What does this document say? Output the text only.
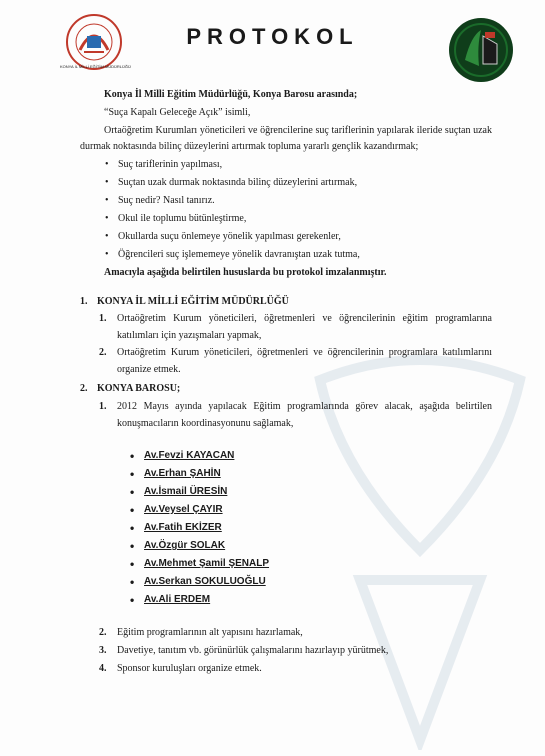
KONYA İL MİLLİ EĞİTİM MÜDÜRLÜĞÜ
PROTOKOL
Konya İl Milli Eğitim Müdürlüğü, Konya Barosu arasında;
“Suça Kapalı Geleceğe Açık” isimli,
Ortaöğretim Kurumları yöneticileri ve öğrencilerine suç tariflerinin yapılarak ileride suçtan uzak
durmak noktasında bilinç düzeylerini artırmak topluma yararlı gençlik kazandırmak;
• Suç tariflerinin yapılması,
• Suçtan uzak durmak noktasında bilinç düzeylerini artırmak,
• Suç nedir? Nasıl tanırız.
• Okul ile toplumu bütünleştirme,
• Okullarda suçu önlemeye yönelik yapılması gerekenler,
• Öğrencileri suç işlememeye yönelik davranıştan uzak tutma,
Amacıyla aşağıda belirtilen hususlarda bu protokol imzalanmıştır.
1. KONYA İL MİLLİ EĞİTİM MÜDÜRLÜĞÜ
1. Ortaöğretim Kurum yöneticileri, öğretmenleri ve öğrencilerinin eğitim programlarına
katılımları için yazışmaları yapmak,
2. Ortaöğretim Kurum yöneticileri, öğretmenleri ve öğrencilerinin programlara katılımlarını
organize etmek.
2. KONYA BAROSU;
1. 2012 Mayıs ayında yapılacak Eğitim programlarında görev alacak, aşağıda belirtilen
konuşmacıların koordinasyonunu sağlamak,
• Av.Fevzi KAYACAN
• Av.Erhan ŞAHİN
• Av.İsmail ÜRESİN
• Av.Veysel ÇAYIR
• Av.Fatih EKİZER
• Av.Özgür SOLAK
• Av.Mehmet Şamil ŞENALP
• Av.Serkan SOKULUOĞLU
• Av.Ali ERDEM
2. Eğitim programlarının alt yapısını hazırlamak,
3. Davetiye, tanıtım vb. görünürlük çalışmalarını hazırlayıp yürütmek,
4. Sponsor kuruluşları organize etmek.
